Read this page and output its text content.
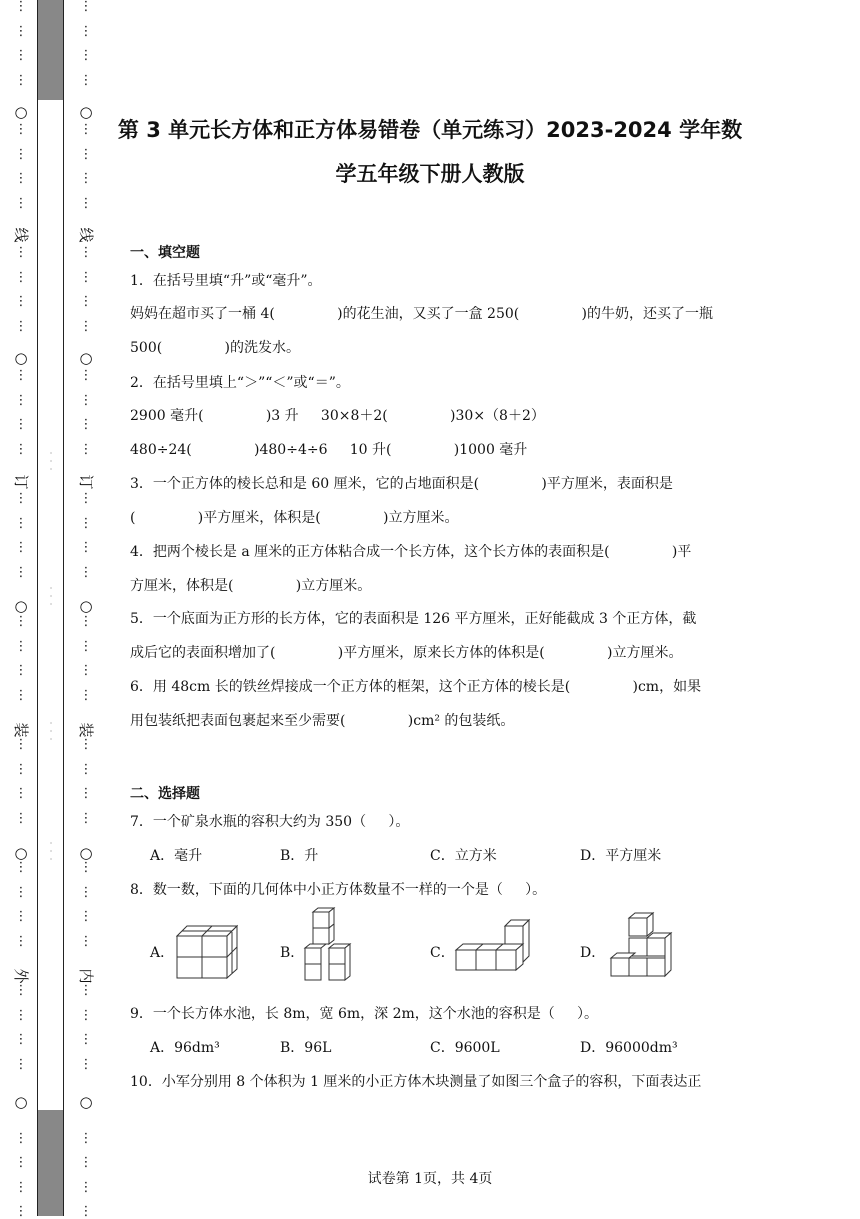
·
·
·
·
·
·
·
·
·
·
·
·
⋮
⋮
⋮
⋮
⋮
⋮
⋮
⋮
⋮
⋮
⋮
⋮
⋮
⋮
⋮
⋮
⋮
⋮
⋮
⋮
⋮
⋮
⋮
⋮
⋮
⋮
⋮
⋮
⋮
⋮
⋮
⋮
⋮
⋮
⋮
⋮
⋮
⋮
⋮
⋮
○
线
○
订
○
装
○
外
○
⋮
⋮
⋮
⋮
⋮
⋮
⋮
⋮
⋮
⋮
⋮
⋮
⋮
⋮
⋮
⋮
⋮
⋮
⋮
⋮
⋮
⋮
⋮
⋮
⋮
⋮
⋮
⋮
⋮
⋮
⋮
⋮
⋮
⋮
⋮
⋮
⋮
⋮
⋮
⋮
○
线
○
订
○
装
○
内
○
第 3 单元长方体和正方体易错卷（单元练习）2023-2024 学年数
学五年级下册人教版
一、填空题
1．在括号里填“升”或“毫升”。
妈妈在超市买了一桶 4(              )的花生油，又买了一盒 250(              )的牛奶，还买了一瓶
500(              )的洗发水。
2．在括号里填上“＞”“＜”或“＝”。
2900 毫升(              )3 升     30×8＋2(              )30×（8＋2）
480÷24(              )480÷4÷6     10 升(              )1000 毫升
3．一个正方体的棱长总和是 60 厘米，它的占地面积是(              )平方厘米，表面积是
(              )平方厘米，体积是(              )立方厘米。
4．把两个棱长是 a 厘米的正方体粘合成一个长方体，这个长方体的表面积是(              )平
方厘米，体积是(              )立方厘米。
5．一个底面为正方形的长方体，它的表面积是 126 平方厘米，正好能截成 3 个正方体，截
成后它的表面积增加了(              )平方厘米，原来长方体的体积是(              )立方厘米。
6．用 48cm 长的铁丝焊接成一个正方体的框架，这个正方体的棱长是(              )cm，如果
用包装纸把表面包裹起来至少需要(              )cm² 的包装纸。
二、选择题
7．一个矿泉水瓶的容积大约为 350（     ）。
A．毫升	B．升	C．立方米	D．平方厘米
8．数一数，下面的几何体中小正方体数量不一样的一个是（     ）。
A．	B．	C．	D．
9．一个长方体水池，长 8m，宽 6m，深 2m，这个水池的容积是（     ）。
A．96dm³	B．96L	C．9600L	D．96000dm³
10．小军分别用 8 个体积为 1 厘米的小正方体木块测量了如图三个盒子的容积，下面表达正
试卷第 1页，共 4页
